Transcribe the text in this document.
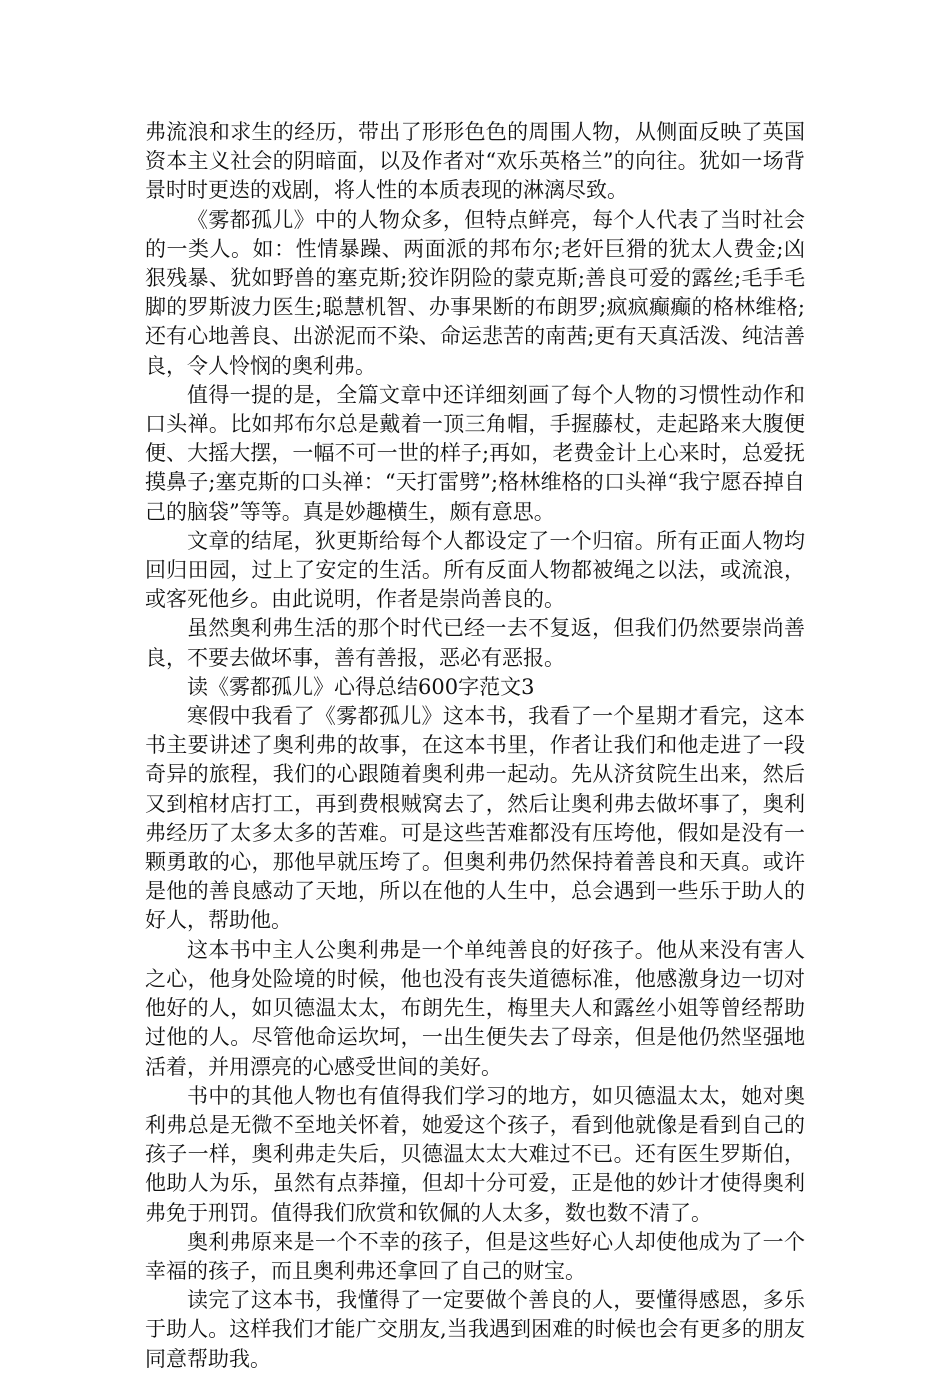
弗流浪和求生的经历，带出了形形色色的周围人物，从侧面反映了英国资本主义社会的阴暗面，以及作者对“欢乐英格兰”的向往。犹如一场背景时时更迭的戏剧，将人性的本质表现的淋漓尽致。

《雾都孤儿》中的人物众多，但特点鲜亮，每个人代表了当时社会的一类人。如：性情暴躁、两面派的邦布尔;老奸巨猾的犹太人费金;凶狠残暴、犹如野兽的塞克斯;狡诈阴险的蒙克斯;善良可爱的露丝;毛手毛脚的罗斯波力医生;聪慧机智、办事果断的布朗罗;疯疯癫癫的格林维格;还有心地善良、出淤泥而不染、命运悲苦的南茜;更有天真活泼、纯洁善良，令人怜悯的奥利弗。

值得一提的是，全篇文章中还详细刻画了每个人物的习惯性动作和口头禅。比如邦布尔总是戴着一顶三角帽，手握藤杖，走起路来大腹便便、大摇大摆，一幅不可一世的样子;再如，老费金计上心来时，总爱抚摸鼻子;塞克斯的口头禅：“天打雷劈”;格林维格的口头禅“我宁愿吞掉自己的脑袋”等等。真是妙趣横生，颇有意思。

文章的结尾，狄更斯给每个人都设定了一个归宿。所有正面人物均回归田园，过上了安定的生活。所有反面人物都被绳之以法，或流浪，或客死他乡。由此说明，作者是崇尚善良的。

虽然奥利弗生活的那个时代已经一去不复返，但我们仍然要崇尚善良，不要去做坏事，善有善报，恶必有恶报。

读《雾都孤儿》心得总结600字范文3

寒假中我看了《雾都孤儿》这本书，我看了一个星期才看完，这本书主要讲述了奥利弗的故事，在这本书里，作者让我们和他走进了一段奇异的旅程，我们的心跟随着奥利弗一起动。先从济贫院生出来，然后又到棺材店打工，再到费根贼窝去了，然后让奥利弗去做坏事了，奥利弗经历了太多太多的苦难。可是这些苦难都没有压垮他，假如是没有一颗勇敢的心，那他早就压垮了。但奥利弗仍然保持着善良和天真。或许是他的善良感动了天地，所以在他的人生中，总会遇到一些乐于助人的好人，帮助他。

这本书中主人公奥利弗是一个单纯善良的好孩子。他从来没有害人之心，他身处险境的时候，他也没有丧失道德标准，他感激身边一切对他好的人，如贝德温太太，布朗先生，梅里夫人和露丝小姐等曾经帮助过他的人。尽管他命运坎坷，一出生便失去了母亲，但是他仍然坚强地活着，并用漂亮的心感受世间的美好。

书中的其他人物也有值得我们学习的地方，如贝德温太太，她对奥利弗总是无微不至地关怀着，她爱这个孩子，看到他就像是看到自己的孩子一样，奥利弗走失后，贝德温太太大难过不已。还有医生罗斯伯，他助人为乐，虽然有点莽撞，但却十分可爱，正是他的妙计才使得奥利弗免于刑罚。值得我们欣赏和钦佩的人太多，数也数不清了。

奥利弗原来是一个不幸的孩子，但是这些好心人却使他成为了一个幸福的孩子，而且奥利弗还拿回了自己的财宝。

读完了这本书，我懂得了一定要做个善良的人，要懂得感恩，多乐于助人。这样我们才能广交朋友,当我遇到困难的时候也会有更多的朋友同意帮助我。
